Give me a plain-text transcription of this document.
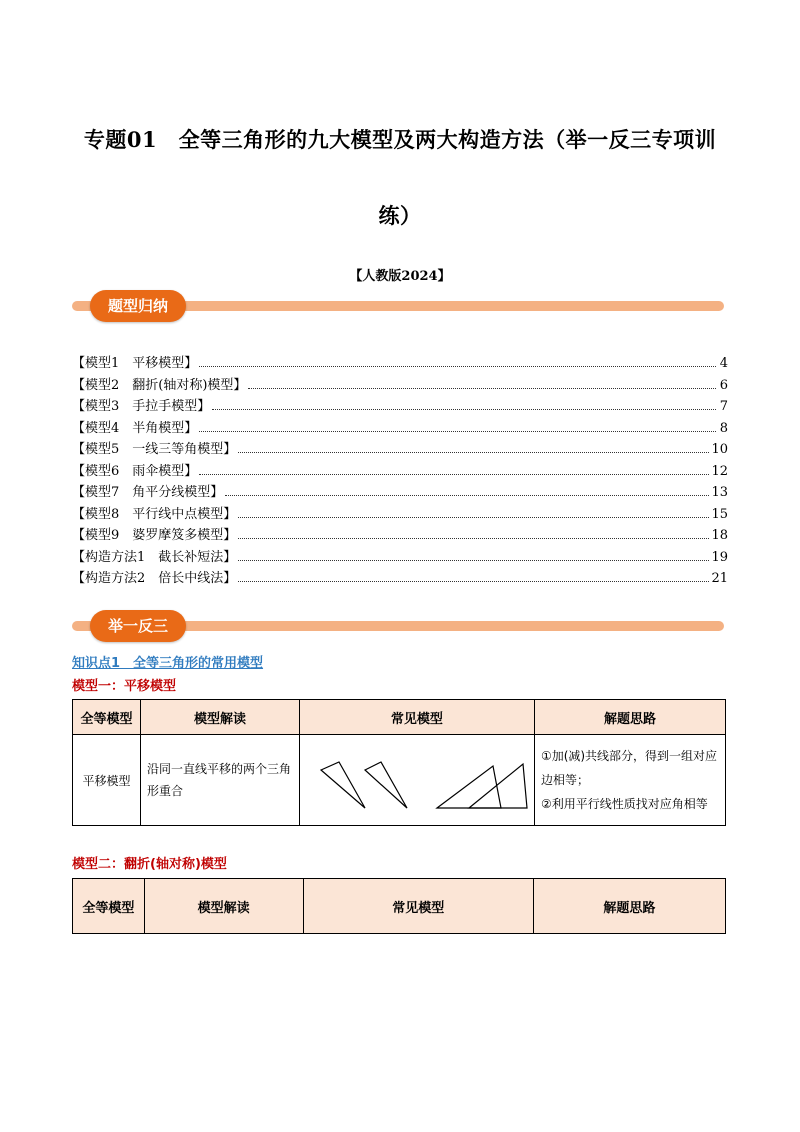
专题01　全等三角形的九大模型及两大构造方法（举一反三专项训
练）
【人教版2024】
题型归纳
【模型1　平移模型】	4
【模型2　翻折(轴对称)模型】	6
【模型3　手拉手模型】	7
【模型4　半角模型】	8
【模型5　一线三等角模型】	10
【模型6　雨伞模型】	12
【模型7　角平分线模型】	13
【模型8　平行线中点模型】	15
【模型9　婆罗摩笈多模型】	18
【构造方法1　截长补短法】	19
【构造方法2　倍长中线法】	21
举一反三
知识点1　全等三角形的常用模型
模型一：平移模型
全等模型	模型解读	常见模型	解题思路
平移模型	沿同一直线平移的两个三角形重合		①加(减)共线部分，得到一组对应边相等；
②利用平行线性质找对应角相等
模型二：翻折(轴对称)模型
全等模型	模型解读	常见模型	解题思路
